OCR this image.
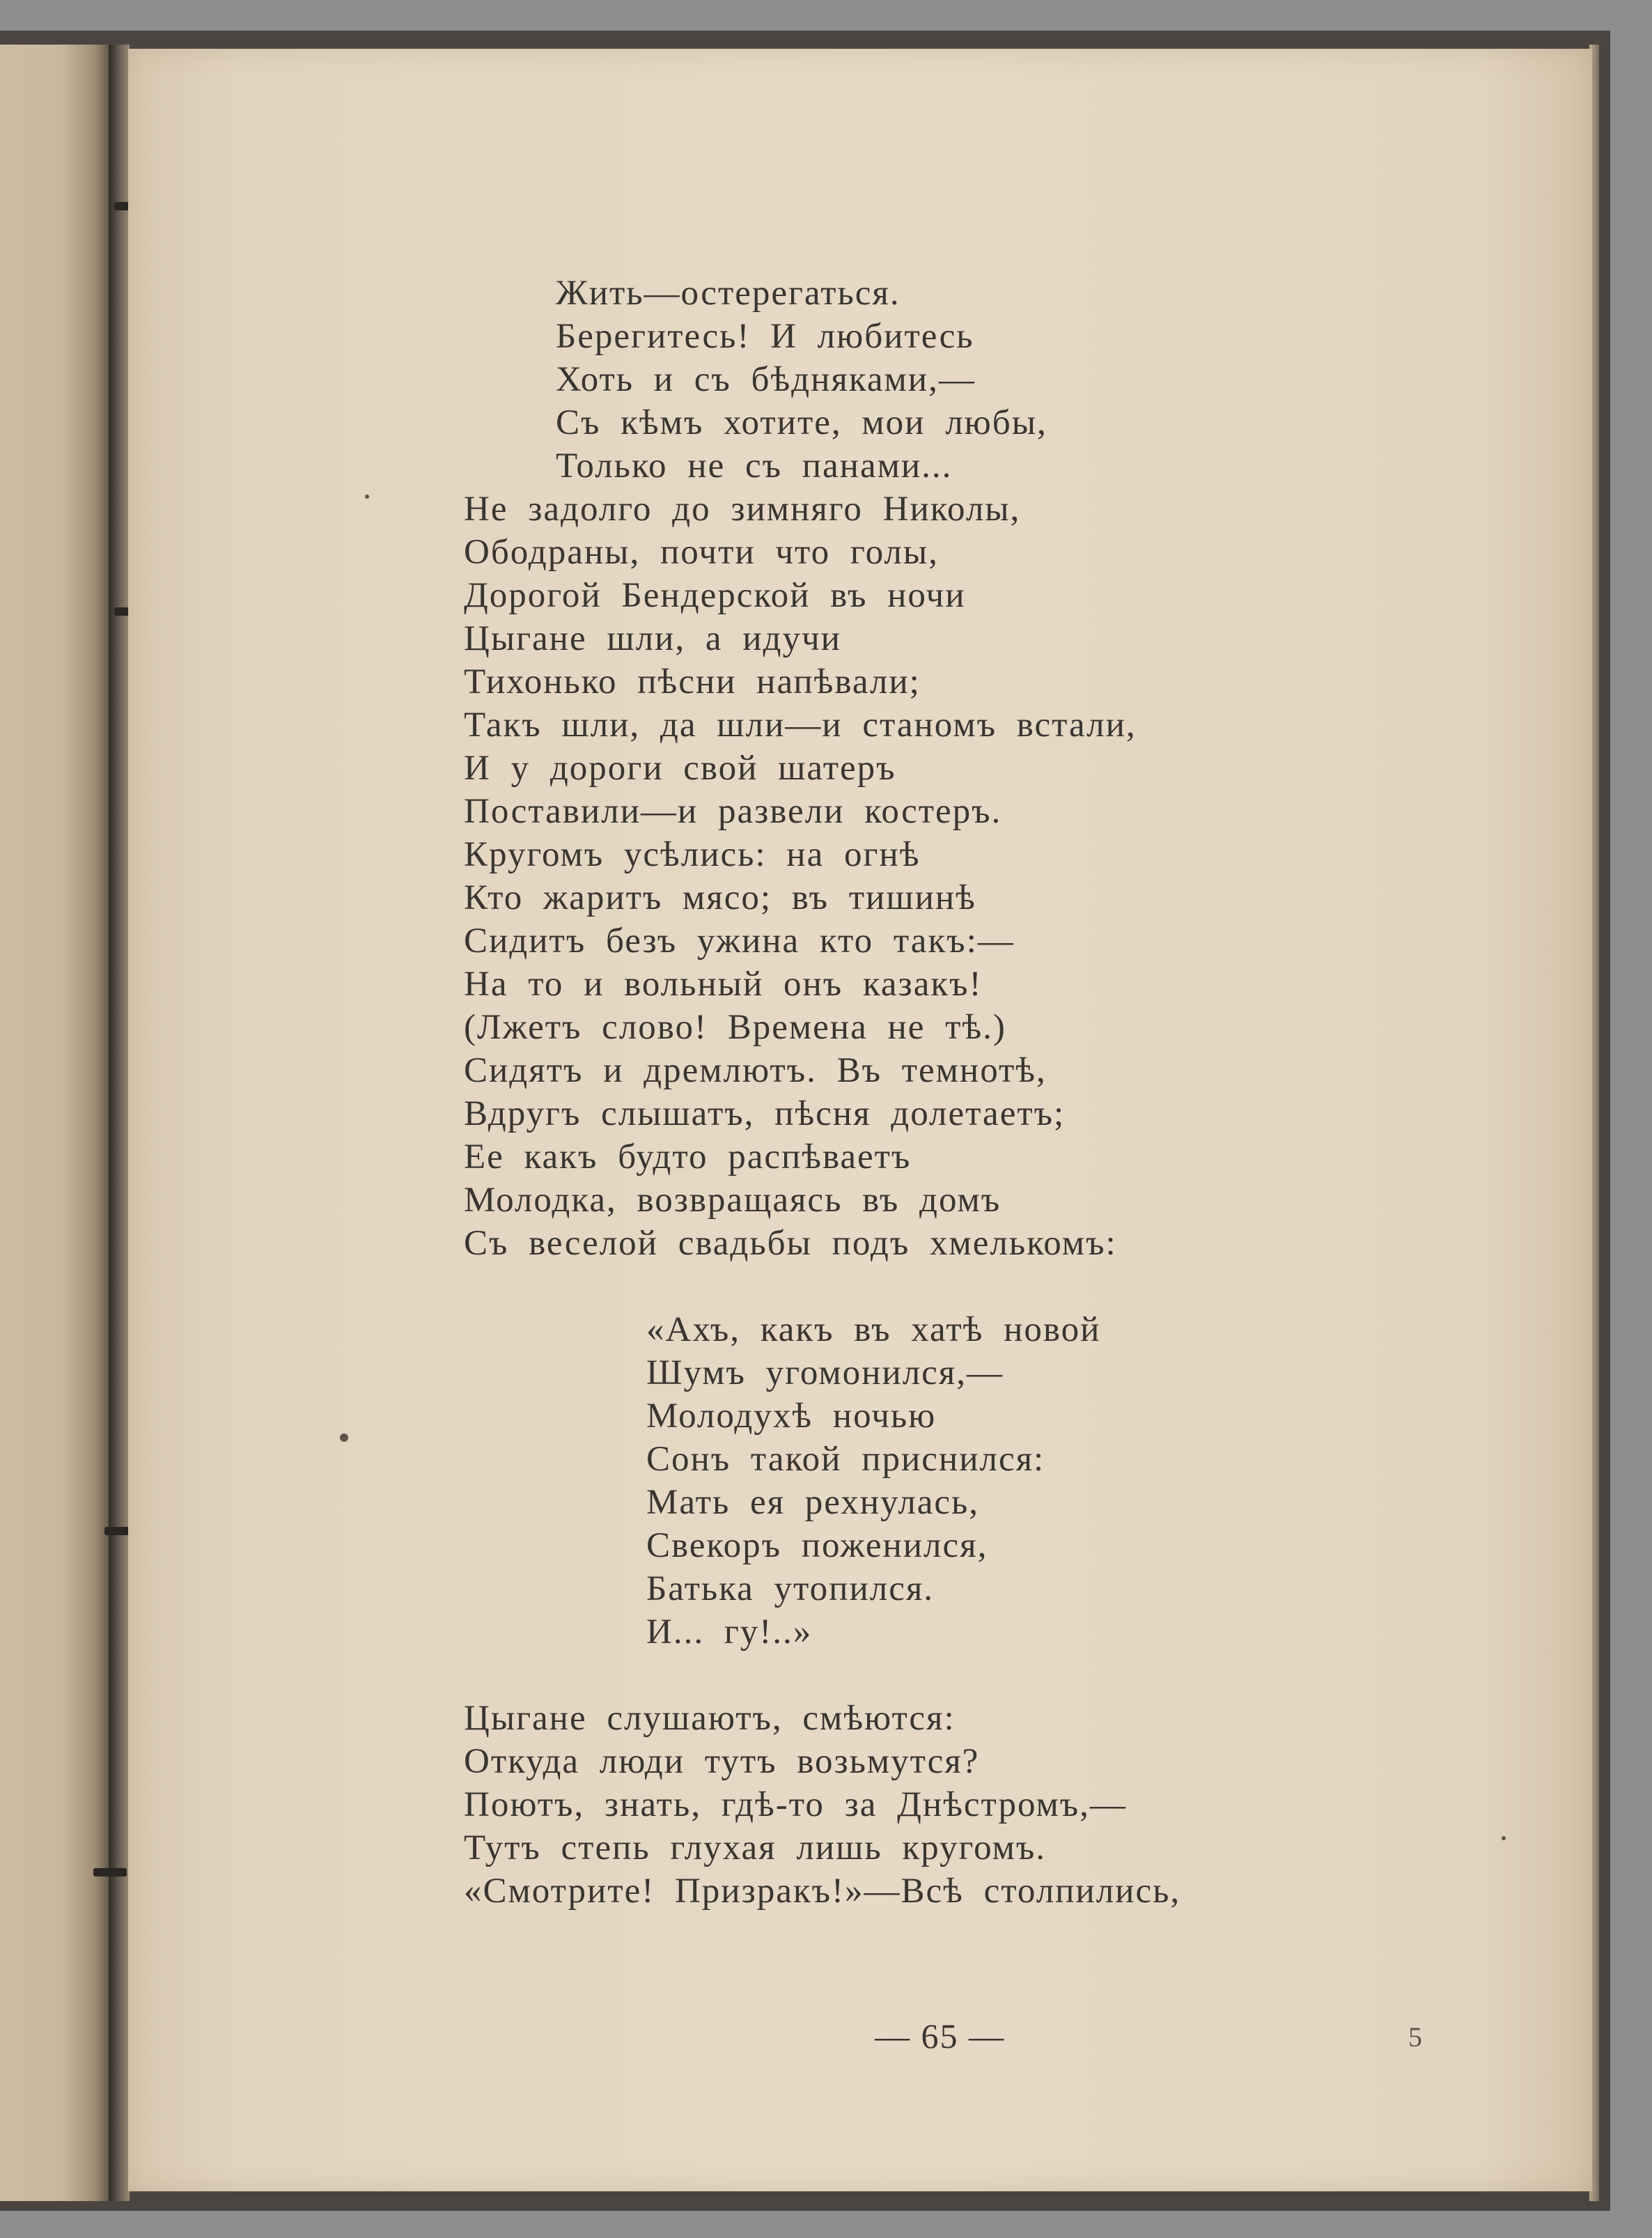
Жить—остерегаться.
Берегитесь! И любитесь
Хоть и съ бѣдняками,—
Съ кѣмъ хотите, мои любы,
Только не съ панами...
Не задолго до зимняго Николы,
Ободраны, почти что голы,
Дорогой Бендерской въ ночи
Цыгане шли, а идучи
Тихонько пѣсни напѣвали;
Такъ шли, да шли—и станомъ встали,
И у дороги свой шатеръ
Поставили—и развели костеръ.
Кругомъ усѣлись: на огнѣ
Кто жаритъ мясо; въ тишинѣ
Сидитъ безъ ужина кто такъ:—
На то и вольный онъ казакъ!
(Лжетъ слово! Времена не тѣ.)
Сидятъ и дремлютъ. Въ темнотѣ,
Вдругъ слышатъ, пѣсня долетаетъ;
Ее какъ будто распѣваетъ
Молодка, возвращаясь въ домъ
Съ веселой свадьбы подъ хмелькомъ:
«Ахъ, какъ въ хатѣ новой
Шумъ угомонился,—
Молодухѣ ночью
Сонъ такой приснился:
Мать ея рехнулась,
Свекоръ поженился,
Батька утопился.
И... гу!..»
Цыгане слушаютъ, смѣются:
Откуда люди тутъ возьмутся?
Поютъ, знать, гдѣ-то за Днѣстромъ,—
Тутъ степь глухая лишь кругомъ.
«Смотрите! Призракъ!»—Всѣ столпились,
— 65 —	5
